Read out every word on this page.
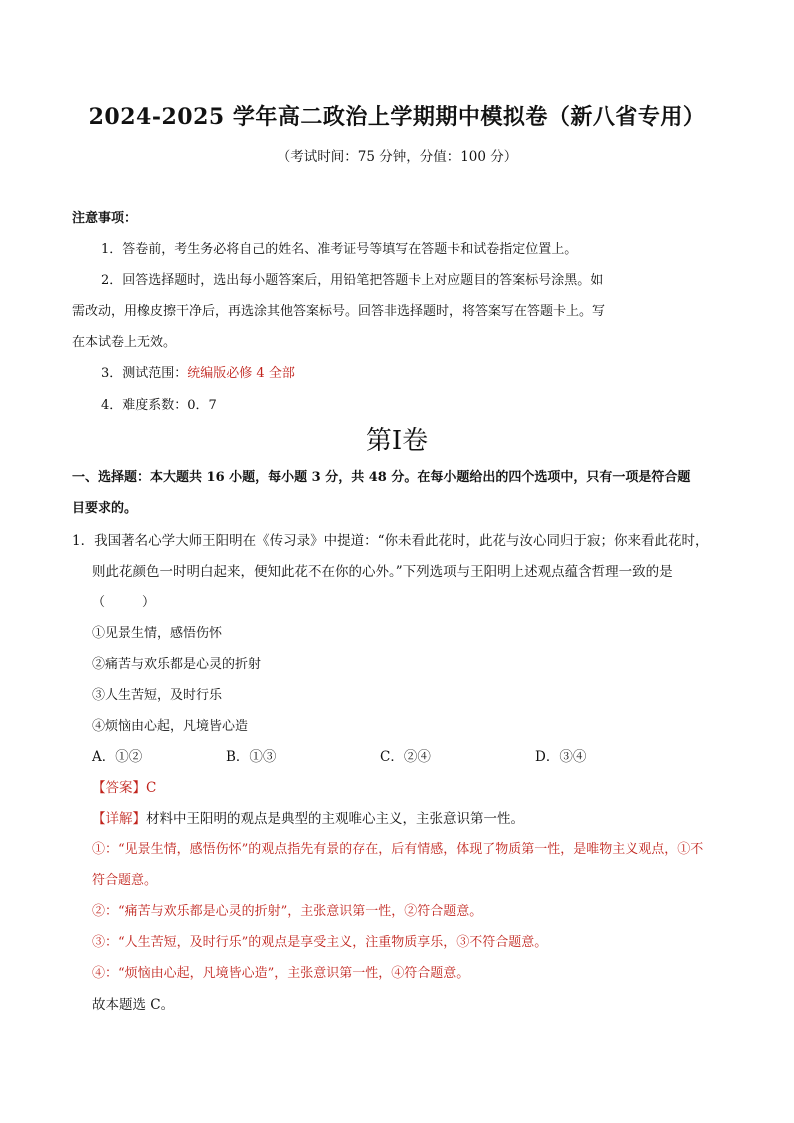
2024-2025 学年高二政治上学期期中模拟卷（新八省专用）
（考试时间：75 分钟，分值：100 分）
注意事项：
1．答卷前，考生务必将自己的姓名、准考证号等填写在答题卡和试卷指定位置上。
2．回答选择题时，选出每小题答案后，用铅笔把答题卡上对应题目的答案标号涂黑。如
需改动，用橡皮擦干净后，再选涂其他答案标号。回答非选择题时，将答案写在答题卡上。写
在本试卷上无效。
3．测试范围：统编版必修 4 全部
4．难度系数：0．7
第Ⅰ卷
一、选择题：本大题共 16 小题，每小题 3 分，共 48 分。在每小题给出的四个选项中，只有一项是符合题
目要求的。
1．我国著名心学大师王阳明在《传习录》中提道：“你未看此花时，此花与汝心同归于寂；你来看此花时，
则此花颜色一时明白起来，便知此花不在你的心外。”下列选项与王阳明上述观点蕴含哲理一致的是
（　）
①见景生情，感悟伤怀
②痛苦与欢乐都是心灵的折射
③人生苦短，及时行乐
④烦恼由心起，凡境皆心造
A．①②	B．①③	C．②④	D．③④
【答案】C
【详解】材料中王阳明的观点是典型的主观唯心主义，主张意识第一性。
①：“见景生情，感悟伤怀”的观点指先有景的存在，后有情感，体现了物质第一性，是唯物主义观点，①不
符合题意。
②：“痛苦与欢乐都是心灵的折射”，主张意识第一性，②符合题意。
③：“人生苦短，及时行乐”的观点是享受主义，注重物质享乐，③不符合题意。
④：“烦恼由心起，凡境皆心造”，主张意识第一性，④符合题意。
故本题选 C。
